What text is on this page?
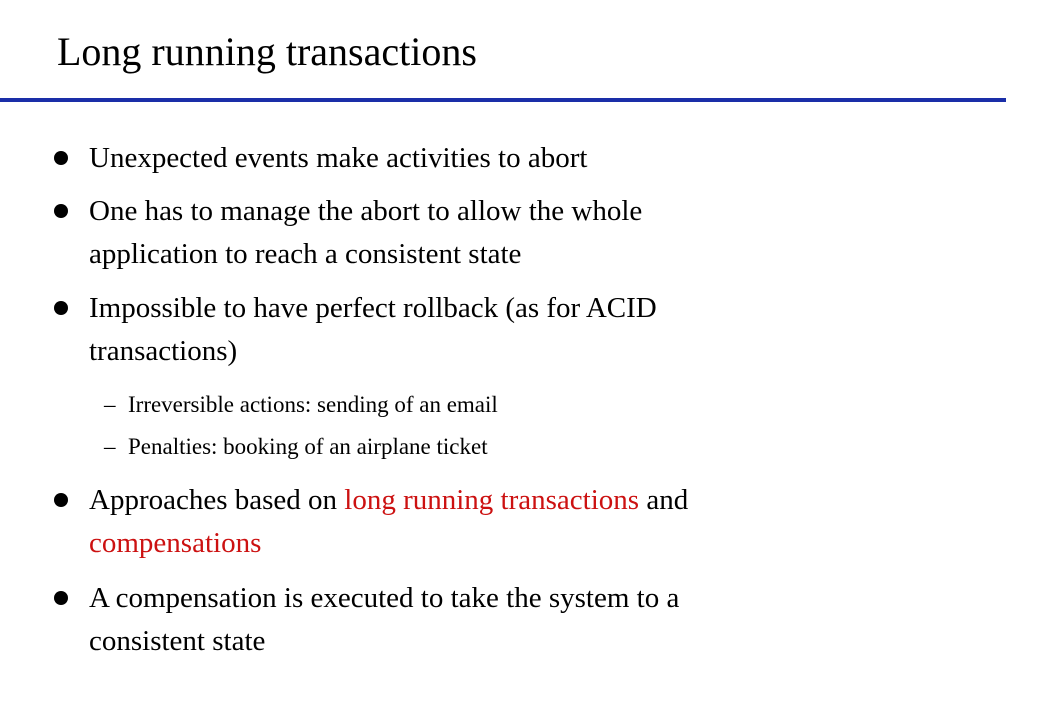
Long running transactions
Unexpected events make activities to abort
One has to manage the abort to allow the whole
application to reach a consistent state
Impossible to have perfect rollback (as for ACID
transactions)
– Irreversible actions: sending of an email
– Penalties: booking of an airplane ticket
Approaches based on long running transactions and
compensations
A compensation is executed to take the system to a
consistent state
